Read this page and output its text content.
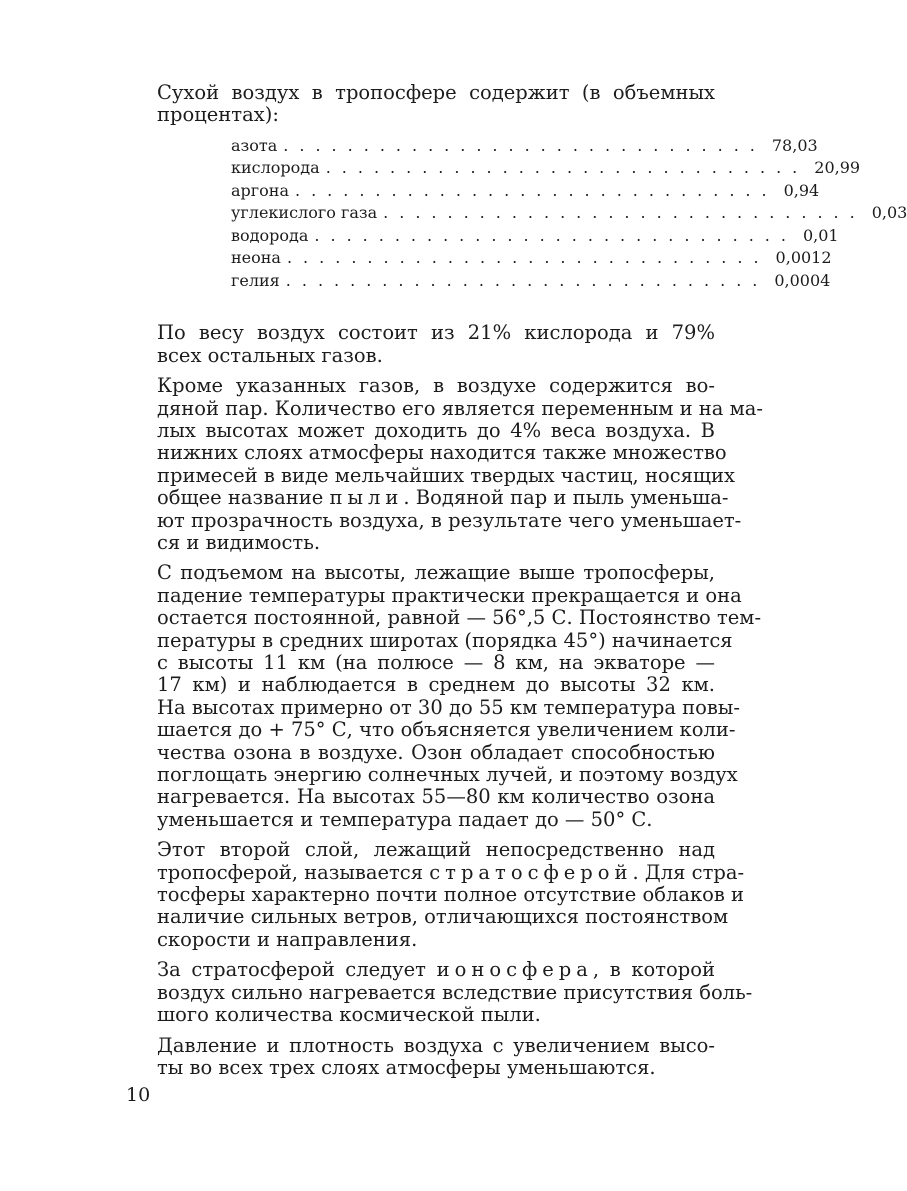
Сухой воздух в тропосфере содержит (в объемных
процентах):
азота .............................. 78,03
кислорода .............................. 20,99
аргона .............................. 0,94
углекислого газа .............................. 0,03
водорода .............................. 0,01
неона .............................. 0,0012
гелия .............................. 0,0004
По весу воздух состоит из 21% кислорода и 79%
всех остальных газов.
Кроме указанных газов, в воздухе содержится во-
дяной пар. Количество его является переменным и на ма-
лых высотах может доходить до 4% веса воздуха. В
нижних слоях атмосферы находится также множество
примесей в виде мельчайших твердых частиц, носящих
общее название пыли. Водяной пар и пыль уменьша-
ют прозрачность воздуха, в результате чего уменьшает-
ся и видимость.
С подъемом на высоты, лежащие выше тропосферы,
падение температуры практически прекращается и она
остается постоянной, равной — 56°,5 С. Постоянство тем-
пературы в средних широтах (порядка 45°) начинается
с высоты 11 км (на полюсе — 8 км, на экваторе —
17 км) и наблюдается в среднем до высоты 32 км.
На высотах примерно от 30 до 55 км температура повы-
шается до + 75° С, что объясняется увеличением коли-
чества озона в воздухе. Озон обладает способностью
поглощать энергию солнечных лучей, и поэтому воздух
нагревается. На высотах 55—80 км количество озона
уменьшается и температура падает до — 50° С.
Этот второй слой, лежащий непосредственно над
тропосферой, называется стратосферой. Для стра-
тосферы характерно почти полное отсутствие облаков и
наличие сильных ветров, отличающихся постоянством
скорости и направления.
За стратосферой следует ионосфера, в которой
воздух сильно нагревается вследствие присутствия боль-
шого количества космической пыли.
Давление и плотность воздуха с увеличением высо-
ты во всех трех слоях атмосферы уменьшаются.
10
